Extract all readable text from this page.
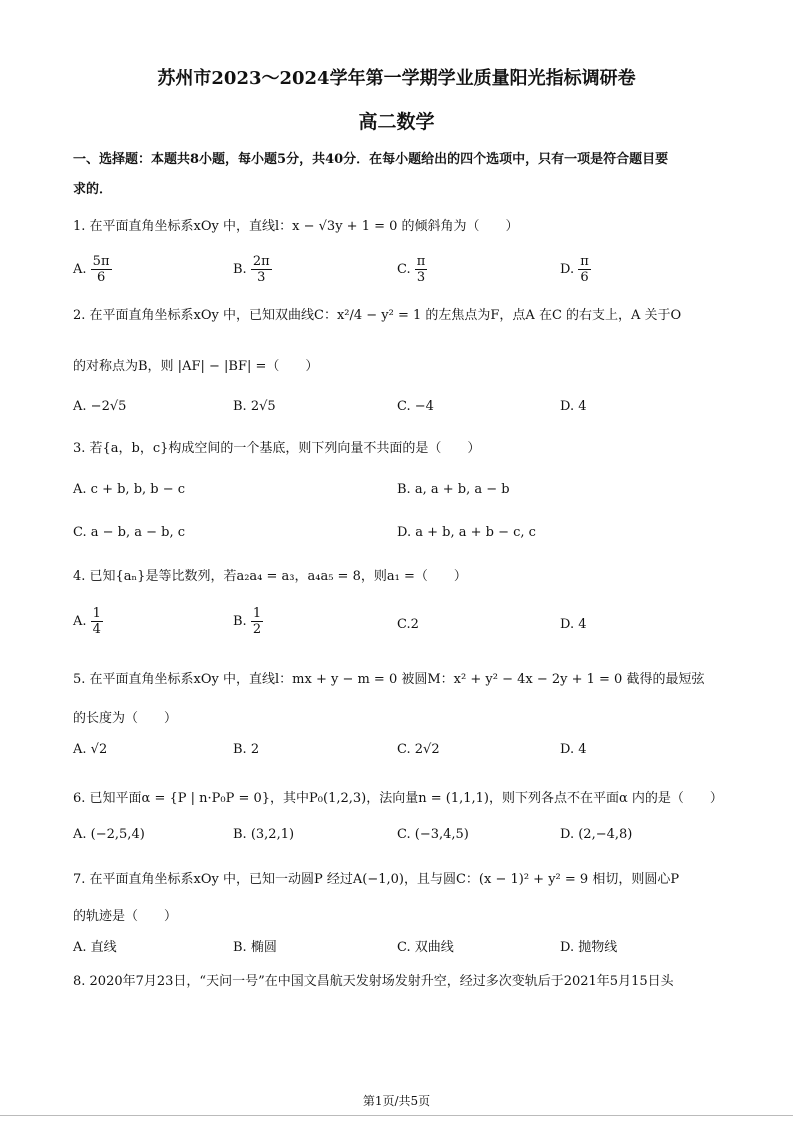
苏州市2023～2024学年第一学期学业质量阳光指标调研卷
高二数学
一、选择题：本题共8小题，每小题5分，共40分．在每小题给出的四个选项中，只有一项是符合题目要
求的．
1. 在平面直角坐标系xOy 中，直线l：x − √3y + 1 = 0 的倾斜角为（　　）
A. $\frac{5\pi}{6}$	B. $\frac{2\pi}{3}$	C. $\frac{\pi}{3}$	D. $\frac{\pi}{6}$
2. 在平面直角坐标系xOy 中，已知双曲线C：x²/4 − y² = 1 的左焦点为F，点A 在C 的右支上，A 关于O
的对称点为B，则 |AF| − |BF| =（　　）
A. −2√5	B. 2√5	C. −4	D. 4
3. 若{a，b，c}构成空间的一个基底，则下列向量不共面的是（　　）
A. c + b, b, b − c	B. a, a + b, a − b
C. a − b, a − b, c	D. a + b, a + b − c, c
4. 已知{aₙ}是等比数列，若a₂a₄ = a₃，a₄a₅ = 8，则a₁ =（　　）
A. $\frac{1}{4}$	B. $\frac{1}{2}$	C.2	D. 4
5. 在平面直角坐标系xOy 中，直线l：mx + y − m = 0 被圆M：x² + y² − 4x − 2y + 1 = 0 截得的最短弦
的长度为（　　）
A. √2	B. 2	C. 2√2	D. 4
6. 已知平面α = {P | n·P₀P = 0}，其中P₀(1,2,3)，法向量n = (1,1,1)，则下列各点不在平面α 内的是（　　）
A. (−2,5,4)	B. (3,2,1)	C. (−3,4,5)	D. (2,−4,8)
7. 在平面直角坐标系xOy 中，已知一动圆P 经过A(−1,0)，且与圆C：(x − 1)² + y² = 9 相切，则圆心P
的轨迹是（　　）
A. 直线	B. 椭圆	C. 双曲线	D. 抛物线
8. 2020年7月23日，“天问一号”在中国文昌航天发射场发射升空，经过多次变轨后于2021年5月15日头
第1页/共5页
